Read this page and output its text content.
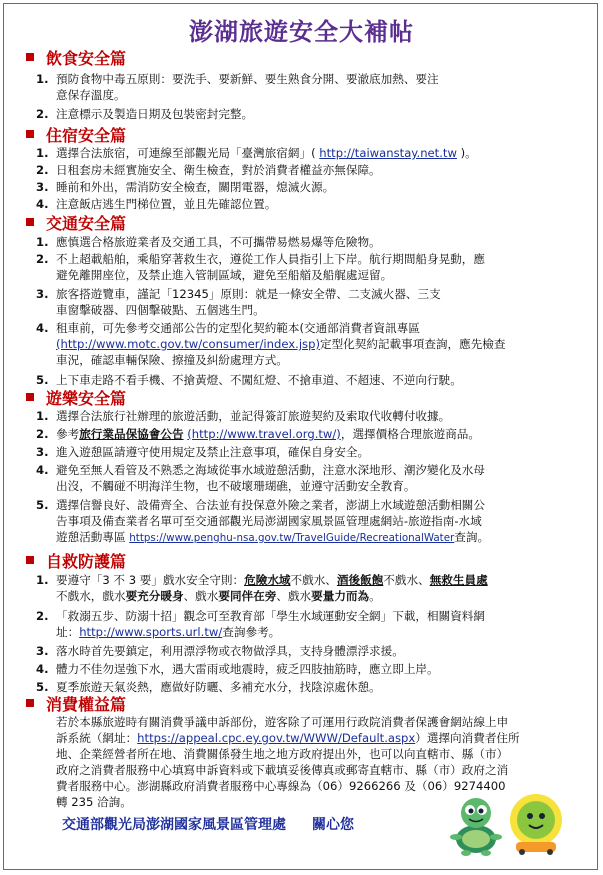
澎湖旅遊安全大補帖
飲食安全篇
1. 預防食物中毒五原則：要洗手、要新鮮、要生熟食分開、要澈底加熱、要注
意保存溫度。
2. 注意標示及製造日期及包裝密封完整。
住宿安全篇
1. 選擇合法旅宿，可連線至部觀光局「臺灣旅宿網」( http://taiwanstay.net.tw )。
2. 日租套房未經實施安全、衛生檢查，對於消費者權益亦無保障。
3. 睡前和外出，需消防安全檢查，關閉電器，熄滅火源。
4. 注意飯店逃生門梯位置，並且先確認位置。
交通安全篇
1. 應慎選合格旅遊業者及交通工具，不可攜帶易燃易爆等危險物。
2. 不上超載船舶，乘船穿著救生衣，遵從工作人員指引上下岸。航行期間船身晃動，應
避免離開座位，及禁止進入管制區域，避免至船艏及船艉處逗留。
3. 旅客搭遊覽車，謹記「12345」原則：就是一條安全帶、二支滅火器、三支
車窗擊破器、四個擊破點、五個逃生門。
4. 租車前，可先參考交通部公告的定型化契約範本(交通部消費者資訊專區
(http://www.motc.gov.tw/consumer/index.jsp)定型化契約記載事項查詢，應先檢查
車況，確認車輛保險、擦撞及糾紛處理方式。
5. 上下車走路不看手機、不搶黃燈、不闖紅燈、不搶車道、不超速、不逆向行駛。
遊樂安全篇
1. 選擇合法旅行社辦理的旅遊活動，並記得簽訂旅遊契約及索取代收轉付收據。
2. 參考旅行業品保協會公告 (http://www.travel.org.tw/)，選擇價格合理旅遊商品。
3. 進入遊憩區請遵守使用規定及禁止注意事項，確保自身安全。
4. 避免至無人看管及不熟悉之海域從事水域遊憩活動，注意水深地形、潮汐變化及水母
出沒，不觸碰不明海洋生物，也不破壞珊瑚礁，並遵守活動安全教育。
5. 選擇信譽良好、設備齊全、合法並有投保意外險之業者，澎湖上水域遊憩活動相關公
告事項及備查業者名單可至交通部觀光局澎湖國家風景區管理處網站-旅遊指南-水域
遊憩活動專區 https://www.penghu-nsa.gov.tw/TravelGuide/RecreationalWater查詢。
自救防護篇
1. 要遵守「3 不 3 要」戲水安全守則：危險水域不戲水、酒後飯飽不戲水、無救生員處
不戲水，戲水要充分暖身、戲水要同伴在旁、戲水要量力而為。
2. 「救溺五步、防溺十招」觀念可至教育部「學生水域運動安全網」下載，相關資料網
址：http://www.sports.url.tw/查詢參考。
3. 落水時首先要鎮定，利用漂浮物或衣物做浮具，支持身體漂浮求援。
4. 體力不佳勿逞強下水，遇大雷雨或地震時，疲乏四肢抽筋時，應立即上岸。
5. 夏季旅遊天氣炎熱，應做好防曬、多補充水分，找陰涼處休憩。
消費權益篇
若於本縣旅遊時有關消費爭議申訴部份，遊客除了可運用行政院消費者保護會網站線上申
訴系統（網址：https://appeal.cpc.ey.gov.tw/WWW/Default.aspx）選擇向消費者住所
地、企業經營者所在地、消費關係發生地之地方政府提出外，也可以向直轄市、縣（市）
政府之消費者服務中心填寫申訴資料或下載填妥後傳真或郵寄直轄市、縣（市）政府之消
費者服務中心。澎湖縣政府消費者服務中心專線為（06）9266266 及（06）9274400
轉 235 洽詢。
交通部觀光局澎湖國家風景區管理處 關心您
